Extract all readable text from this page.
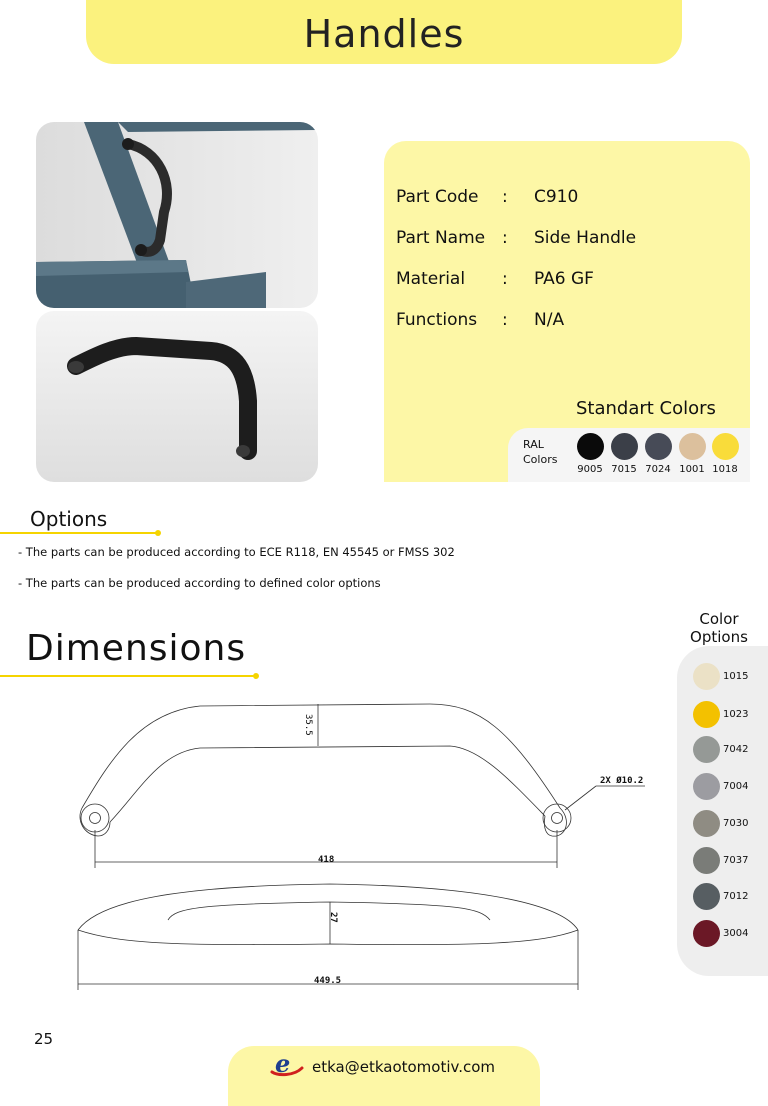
Handles
Part Code	: C910
Part Name : Side Handle
Material	: PA6 GF
Functions	: N/A
Standart Colors
RAL Colors
9005 7015 7024 1001 1018
Options
- The parts can be produced according to ECE R118, EN 45545 or FMSS 302
- The parts can be produced according to defined color options
Dimensions
35.5
2X Ø10.2
418
27
449.5
Color Options
1015
1023
7042
7004
7030
7037
7012
3004
25
e etka@etkaotomotiv.com
